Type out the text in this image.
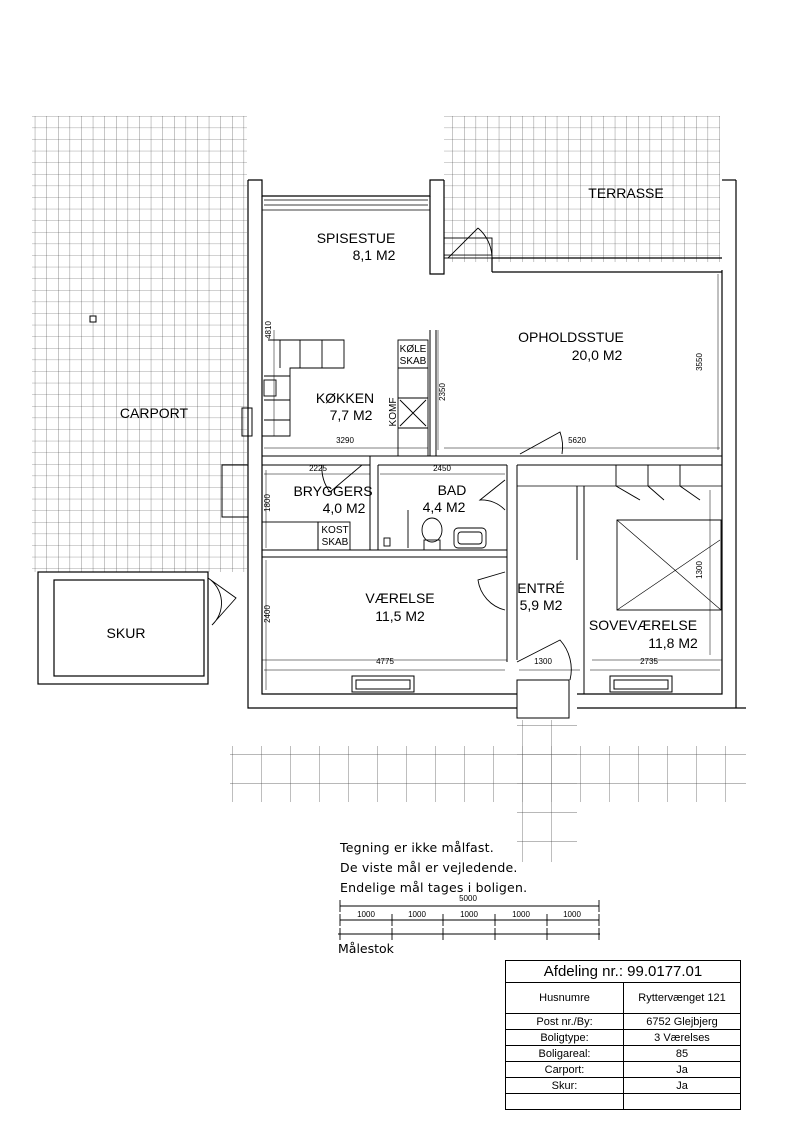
SPISESTUE
8,1 M2
TERRASSE
OPHOLDSSTUE
20,0 M2
CARPORT
KØKKEN
7,7 M2
BRYGGERS
4,0 M2
BAD
4,4 M2
VÆRELSE
11,5 M2
ENTRÉ
5,9 M2
SOVEVÆRELSE
11,8 M2
SKUR
KØLE
SKAB
KOMF
KOST
SKAB
4810
2350
3550
3290	5620
2225	2450
1800
1300
2400
4775	1300	2735
5000
1000	1000	1000	1000	1000
Tegning er ikke målfast.
De viste mål er vejledende.
Endelige mål tages i boligen.
Målestok
Afdeling nr.: 99.0177.01	
Husnumre	Ryttervænget 121
Post nr./By:	6752 Glejbjerg
Boligtype:	3 Værelses
Boligareal:	85
Carport:	Ja
Skur:	Ja
